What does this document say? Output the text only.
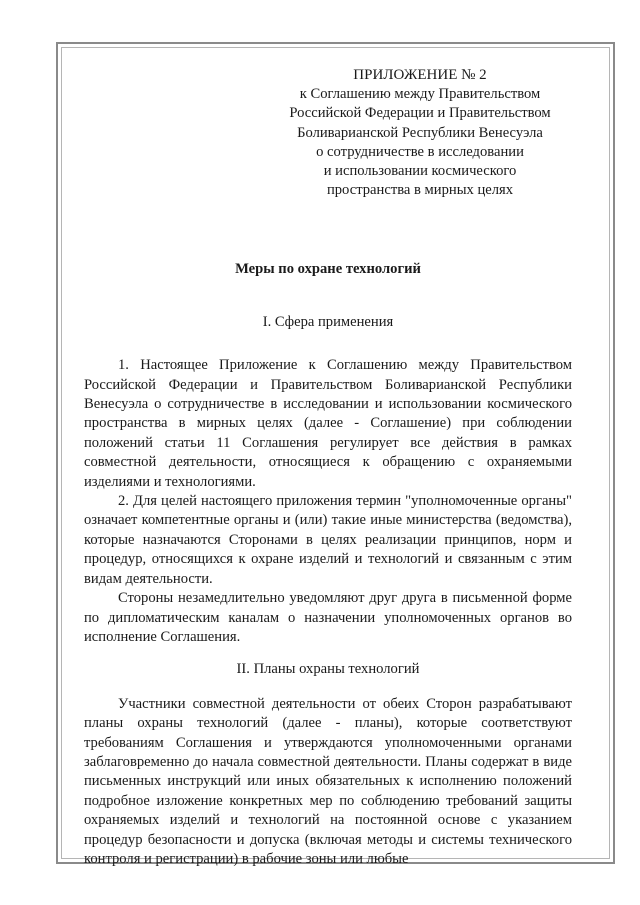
ПРИЛОЖЕНИЕ № 2
к Соглашению между Правительством
Российской Федерации и Правительством
Боливарианской Республики Венесуэла
о сотрудничестве в исследовании
и использовании космического
пространства в мирных целях
Меры по охране технологий
I. Сфера применения

1. Настоящее Приложение к Соглашению между Правительством Российской Федерации и Правительством Боливарианской Республики Венесуэла о сотрудничестве в исследовании и использовании космического пространства в мирных целях (далее - Соглашение) при соблюдении положений статьи 11 Соглашения регулирует все действия в рамках совместной деятельности, относящиеся к обращению с охраняемыми изделиями и технологиями.

2. Для целей настоящего приложения термин "уполномоченные органы" означает компетентные органы и (или) такие иные министерства (ведомства), которые назначаются Сторонами в целях реализации принципов, норм и процедур, относящихся к охране изделий и технологий и связанным с этим видам деятельности.

Стороны незамедлительно уведомляют друг друга в письменной форме по дипломатическим каналам о назначении уполномоченных органов во исполнение Соглашения.

II. Планы охраны технологий

Участники совместной деятельности от обеих Сторон разрабатывают планы охраны технологий (далее - планы), которые соответствуют требованиям Соглашения и утверждаются уполномоченными органами заблаговременно до начала совместной деятельности. Планы содержат в виде письменных инструкций или иных обязательных к исполнению положений подробное изложение конкретных мер по соблюдению требований защиты охраняемых изделий и технологий на постоянной основе с указанием процедур безопасности и допуска (включая методы и системы технического контроля и регистрации) в рабочие зоны или любые
